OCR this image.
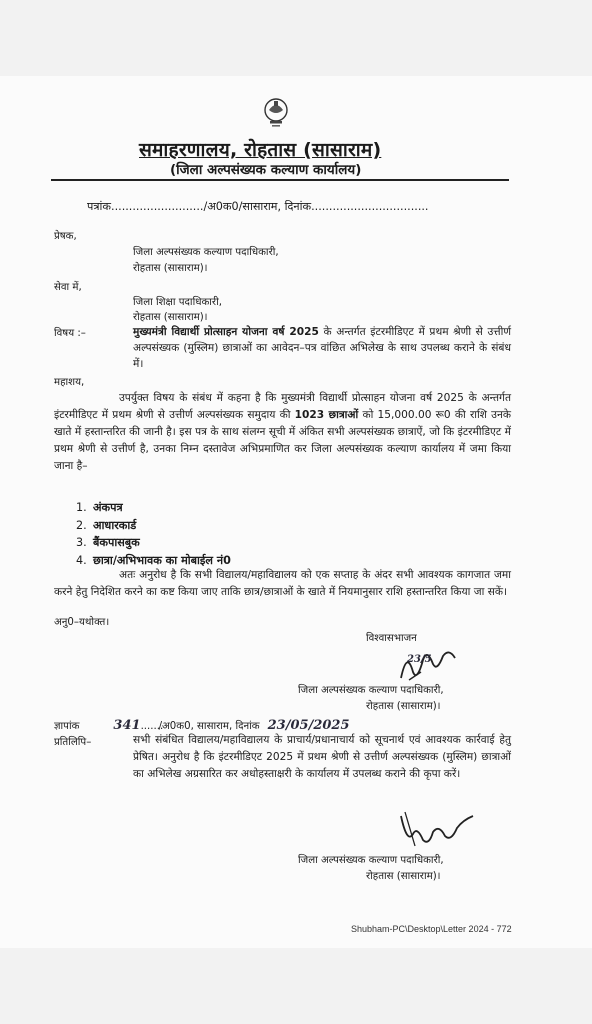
समाहरणालय, रोहतास (सासाराम)
(जिला अल्पसंख्यक कल्याण कार्यालय)
पत्रांक........................../अ0क0/सासाराम, दिनांक.................................
प्रेषक,
जिला अल्पसंख्यक कल्याण पदाधिकारी,
रोहतास (सासाराम)।
सेवा में,
जिला शिक्षा पदाधिकारी,
रोहतास (सासाराम)।
विषय :–	मुख्यमंत्री विद्यार्थी प्रोत्साहन योजना वर्ष 2025 के अन्तर्गत इंटरमीडिएट में प्रथम श्रेणी से उत्तीर्ण अल्पसंख्यक (मुस्लिम) छात्राओं का आवेदन–पत्र वांछित अभिलेख के साथ उपलब्ध कराने के संबंध में।
महाशय,
उपर्युक्त विषय के संबंध में कहना है कि मुख्यमंत्री विद्यार्थी प्रोत्साहन योजना वर्ष 2025 के अन्तर्गत इंटरमीडिएट में प्रथम श्रेणी से उत्तीर्ण अल्पसंख्यक समुदाय की 1023 छात्राओं को 15,000.00 रू0 की राशि उनके खाते में हस्तान्तरित की जानी है। इस पत्र के साथ संलग्न सूची में अंकित सभी अल्पसंख्यक छात्राऐं, जो कि इंटरमीडिएट में प्रथम श्रेणी से उत्तीर्ण है, उनका निम्न दस्तावेज अभिप्रमाणित कर जिला अल्पसंख्यक कल्याण कार्यालय में जमा किया जाना है–
1. अंकपत्र
2. आधारकार्ड
3. बैंकपासबुक
4. छात्रा/अभिभावक का मोबाईल नं0
अतः अनुरोध है कि सभी विद्यालय/महाविद्यालय को एक सप्ताह के अंदर सभी आवश्यक कागजात जमा करने हेतु निदेशित करने का कष्ट किया जाए ताकि छात्र/छात्राओं के खाते में नियमानुसार राशि हस्तान्तरित किया जा सकें।
अनु0–यथोक्त।
विश्वासभाजन
23/5
जिला अल्पसंख्यक कल्याण पदाधिकारी,
रोहतास (सासाराम)।
ज्ञापांक	341......./अ0क0, सासाराम, दिनांक 23/05/2025
प्रतिलिपि–	सभी संबंधित विद्यालय/महाविद्यालय के प्राचार्य/प्रधानाचार्य को सूचनार्थ एवं आवश्यक कार्रवाई हेतु प्रेषित। अनुरोध है कि इंटरमीडिएट 2025 में प्रथम श्रेणी से उत्तीर्ण अल्पसंख्यक (मुस्लिम) छात्राओं का अभिलेख अग्रसारित कर अधोहस्ताक्षरी के कार्यालय में उपलब्ध कराने की कृपा करें।
जिला अल्पसंख्यक कल्याण पदाधिकारी,
रोहतास (सासाराम)।
Shubham-PC\Desktop\Letter 2024 - 772
